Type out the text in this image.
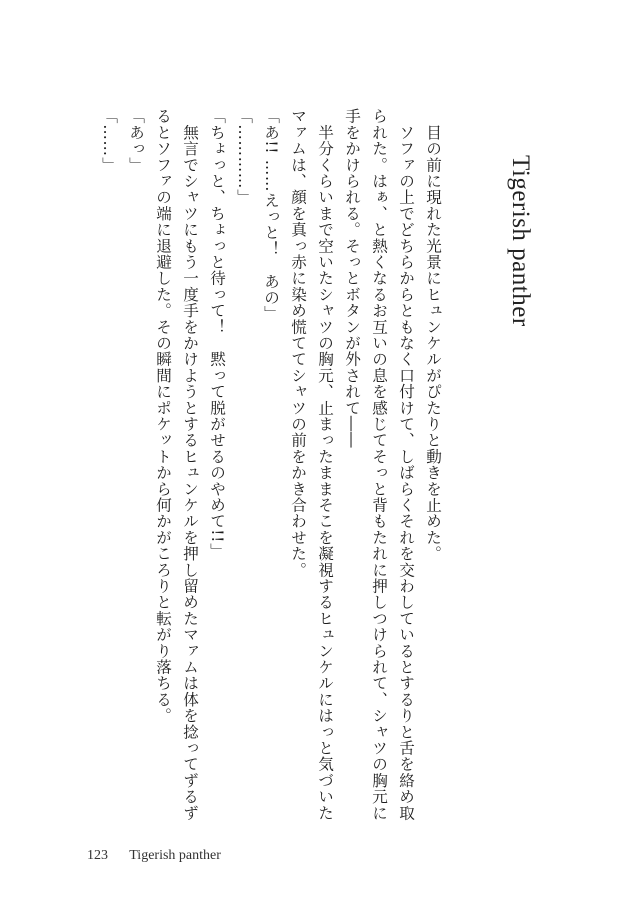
Tigerish panther

　目の前に現れた光景にヒュンケルがぴたりと動きを止めた。

　ソファの上でどちらからともなく口付けて、しばらくそれを交わしているとするりと舌を絡め取られた。はぁ、と熱くなるお互いの息を感じてそっと背もたれに押しつけられて、シャツの胸元に手をかけられる。そっとボタンが外されて――

　半分くらいまで空いたシャツの胸元、止まったままそこを凝視するヒュンケルにはっと気づいたマァムは、顔を真っ赤に染め慌ててシャツの前をかき合わせた。

「あ!! ……えっと！　あの」

「…………」

「ちょっと、ちょっと待って！　黙って脱がせるのやめて!!」

　無言でシャツにもう一度手をかけようとするヒュンケルを押し留めたマァムは体を捻ってずるずるとソファの端に退避した。その瞬間にポケットから何かがころりと転がり落ちる。

「あっ」

「……」

123 Tigerish panther
